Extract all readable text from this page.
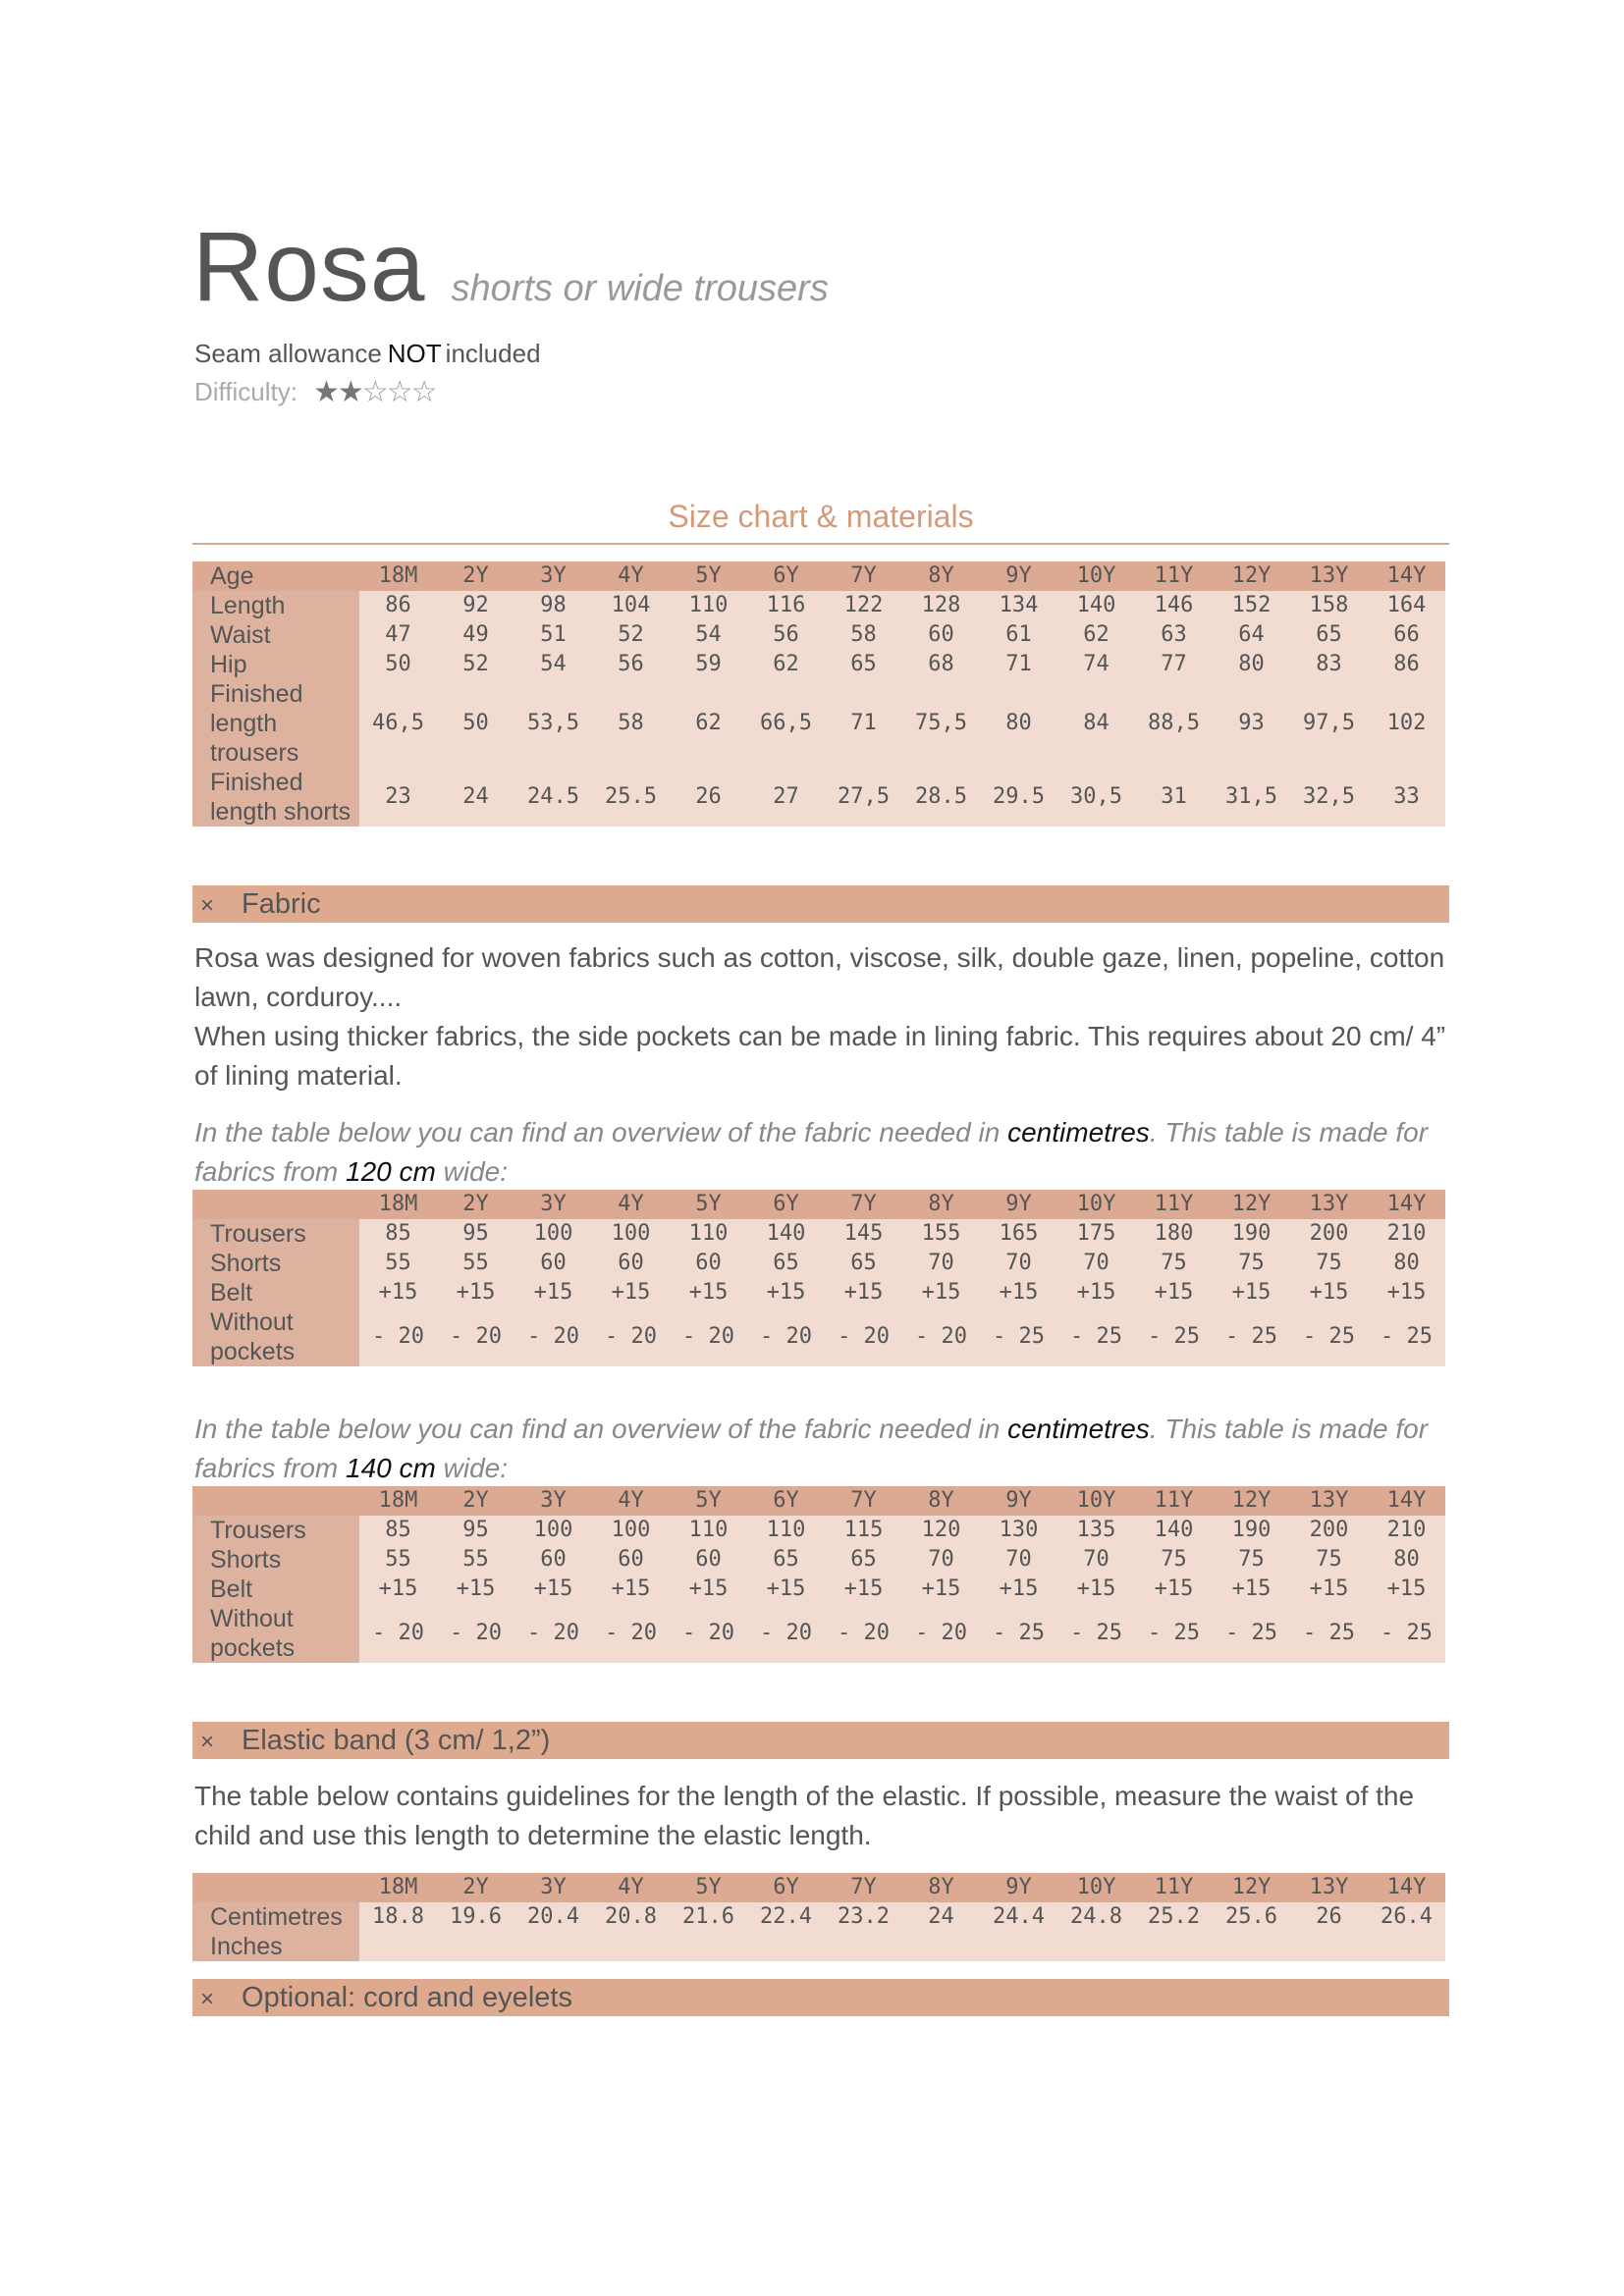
Rosa shorts or wide trousers
Seam allowance NOT included
Difficulty: ★★☆☆☆
Size chart & materials
Age	18M	2Y	3Y	4Y	5Y	6Y	7Y	8Y	9Y	10Y	11Y	12Y	13Y	14Y
Length	86	92	98	104	110	116	122	128	134	140	146	152	158	164
Waist	47	49	51	52	54	56	58	60	61	62	63	64	65	66
Hip	50	52	54	56	59	62	65	68	71	74	77	80	83	86
Finished length trousers	46,5	50	53,5	58	62	66,5	71	75,5	80	84	88,5	93	97,5	102
Finished length shorts	23	24	24.5	25.5	26	27	27,5	28.5	29.5	30,5	31	31,5	32,5	33
× Fabric
Rosa was designed for woven fabrics such as cotton, viscose, silk, double gaze, linen, popeline, cotton lawn, corduroy....
When using thicker fabrics, the side pockets can be made in lining fabric. This requires about 20 cm/ 4” of lining material.
In the table below you can find an overview of the fabric needed in centimetres. This table is made for fabrics from 120 cm wide:
	18M	2Y	3Y	4Y	5Y	6Y	7Y	8Y	9Y	10Y	11Y	12Y	13Y	14Y
Trousers	85	95	100	100	110	140	145	155	165	175	180	190	200	210
Shorts	55	55	60	60	60	65	65	70	70	70	75	75	75	80
Belt	+15	+15	+15	+15	+15	+15	+15	+15	+15	+15	+15	+15	+15	+15
Without pockets	- 20	- 20	- 20	- 20	- 20	- 20	- 20	- 20	- 25	- 25	- 25	- 25	- 25	- 25
In the table below you can find an overview of the fabric needed in centimetres. This table is made for fabrics from 140 cm wide:
	18M	2Y	3Y	4Y	5Y	6Y	7Y	8Y	9Y	10Y	11Y	12Y	13Y	14Y
Trousers	85	95	100	100	110	110	115	120	130	135	140	190	200	210
Shorts	55	55	60	60	60	65	65	70	70	70	75	75	75	80
Belt	+15	+15	+15	+15	+15	+15	+15	+15	+15	+15	+15	+15	+15	+15
Without pockets	- 20	- 20	- 20	- 20	- 20	- 20	- 20	- 20	- 25	- 25	- 25	- 25	- 25	- 25
× Elastic band (3 cm/ 1,2”)
The table below contains guidelines for the length of the elastic. If possible, measure the waist of the child and use this length to determine the elastic length.
	18M	2Y	3Y	4Y	5Y	6Y	7Y	8Y	9Y	10Y	11Y	12Y	13Y	14Y
Centimetres	18.8	19.6	20.4	20.8	21.6	22.4	23.2	24	24.4	24.8	25.2	25.6	26	26.4
Inches														
× Optional: cord and eyelets
